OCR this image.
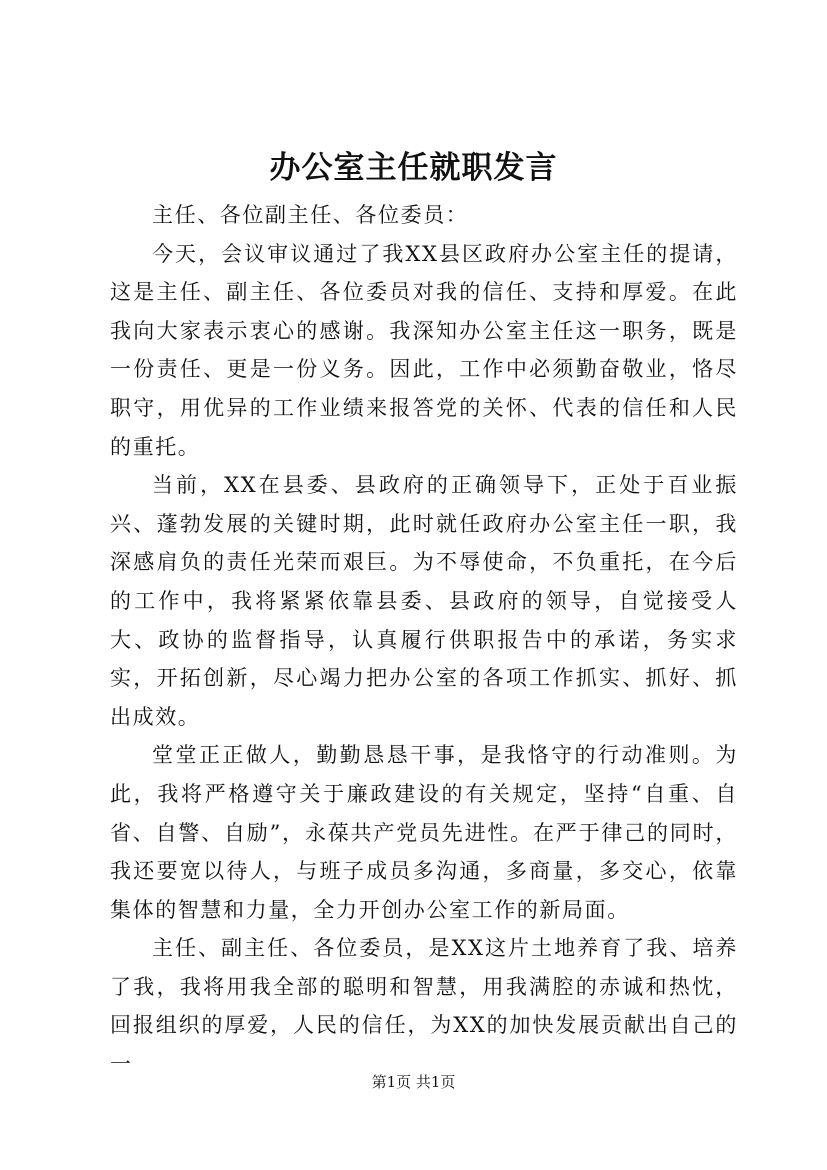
办公室主任就职发言

主任、各位副主任、各位委员：

今天，会议审议通过了我XX县区政府办公室主任的提请，这是主任、副主任、各位委员对我的信任、支持和厚爱。在此我向大家表示衷心的感谢。我深知办公室主任这一职务，既是一份责任、更是一份义务。因此，工作中必须勤奋敬业，恪尽职守，用优异的工作业绩来报答党的关怀、代表的信任和人民的重托。

当前，XX在县委、县政府的正确领导下，正处于百业振兴、蓬勃发展的关键时期，此时就任政府办公室主任一职，我深感肩负的责任光荣而艰巨。为不辱使命，不负重托，在今后的工作中，我将紧紧依靠县委、县政府的领导，自觉接受人大、政协的监督指导，认真履行供职报告中的承诺，务实求实，开拓创新，尽心竭力把办公室的各项工作抓实、抓好、抓出成效。

堂堂正正做人，勤勤恳恳干事，是我恪守的行动准则。为此，我将严格遵守关于廉政建设的有关规定，坚持“自重、自省、自警、自励”，永葆共产党员先进性。在严于律己的同时，我还要宽以待人，与班子成员多沟通，多商量，多交心，依靠集体的智慧和力量，全力开创办公室工作的新局面。

主任、副主任、各位委员，是XX这片土地养育了我、培养了我，我将用我全部的聪明和智慧，用我满腔的赤诚和热忱，回报组织的厚爱，人民的信任，为XX的加快发展贡献出自己的一

第1页 共1页
